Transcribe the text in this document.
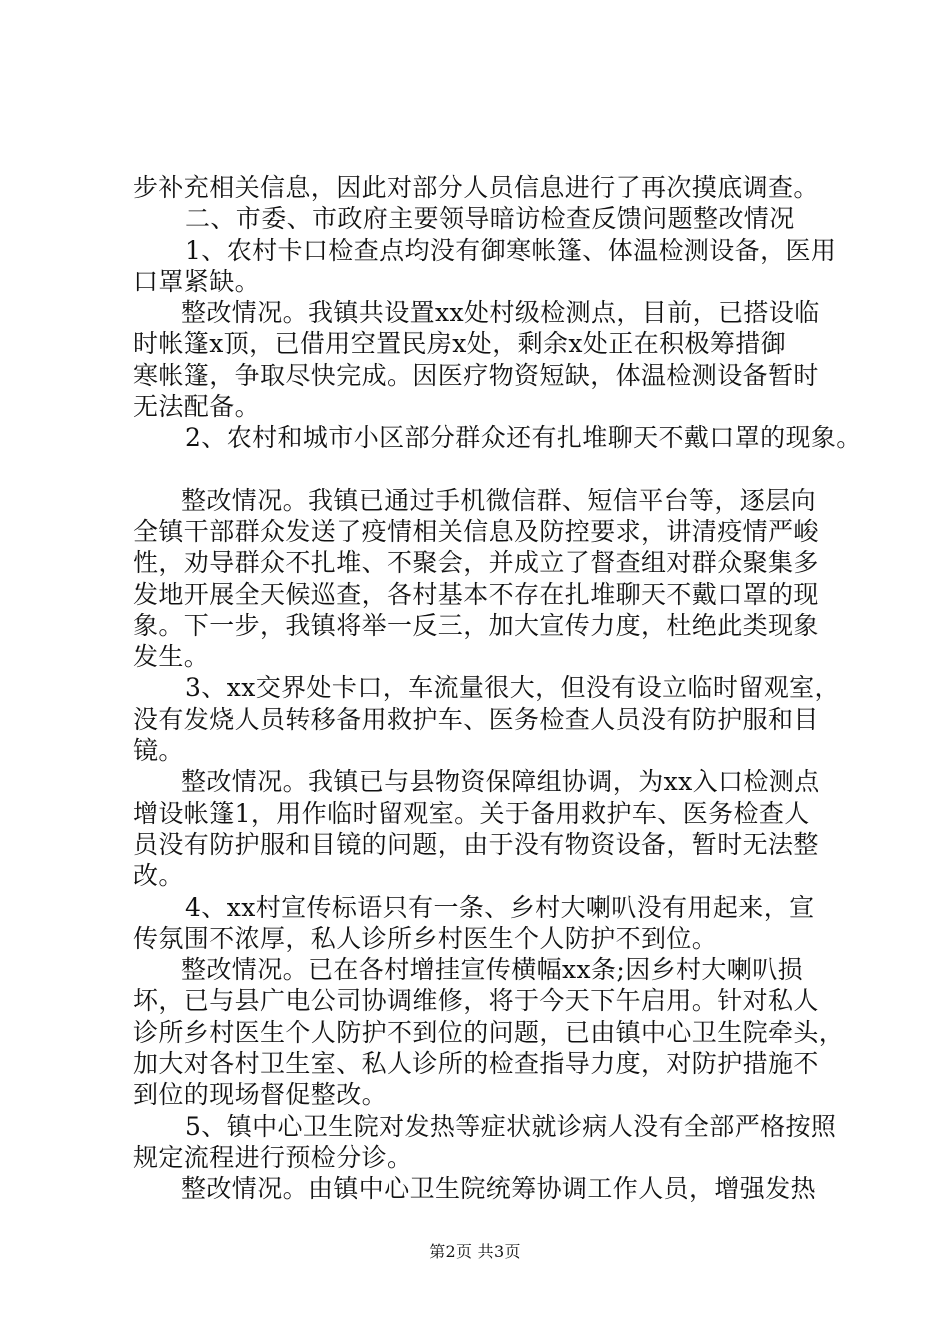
步补充相关信息，因此对部分人员信息进行了再次摸底调查。
二、市委、市政府主要领导暗访检查反馈问题整改情况
1、农村卡口检查点均没有御寒帐篷、体温检测设备，医用
口罩紧缺。
整改情况。我镇共设置xx处村级检测点，目前，已搭设临
时帐篷x顶，已借用空置民房x处，剩余x处正在积极筹措御
寒帐篷，争取尽快完成。因医疗物资短缺，体温检测设备暂时
无法配备。
2、农村和城市小区部分群众还有扎堆聊天不戴口罩的现象。
整改情况。我镇已通过手机微信群、短信平台等，逐层向
全镇干部群众发送了疫情相关信息及防控要求，讲清疫情严峻
性，劝导群众不扎堆、不聚会，并成立了督查组对群众聚集多
发地开展全天候巡查，各村基本不存在扎堆聊天不戴口罩的现
象。下一步，我镇将举一反三，加大宣传力度，杜绝此类现象
发生。
3、xx交界处卡口，车流量很大，但没有设立临时留观室，
没有发烧人员转移备用救护车、医务检查人员没有防护服和目
镜。
整改情况。我镇已与县物资保障组协调，为xx入口检测点
增设帐篷1，用作临时留观室。关于备用救护车、医务检查人
员没有防护服和目镜的问题，由于没有物资设备，暂时无法整
改。
4、xx村宣传标语只有一条、乡村大喇叭没有用起来，宣
传氛围不浓厚，私人诊所乡村医生个人防护不到位。
整改情况。已在各村增挂宣传横幅xx条;因乡村大喇叭损
坏，已与县广电公司协调维修，将于今天下午启用。针对私人
诊所乡村医生个人防护不到位的问题，已由镇中心卫生院牵头，
加大对各村卫生室、私人诊所的检查指导力度，对防护措施不
到位的现场督促整改。
5、镇中心卫生院对发热等症状就诊病人没有全部严格按照
规定流程进行预检分诊。
整改情况。由镇中心卫生院统筹协调工作人员，增强发热
第2页 共3页
